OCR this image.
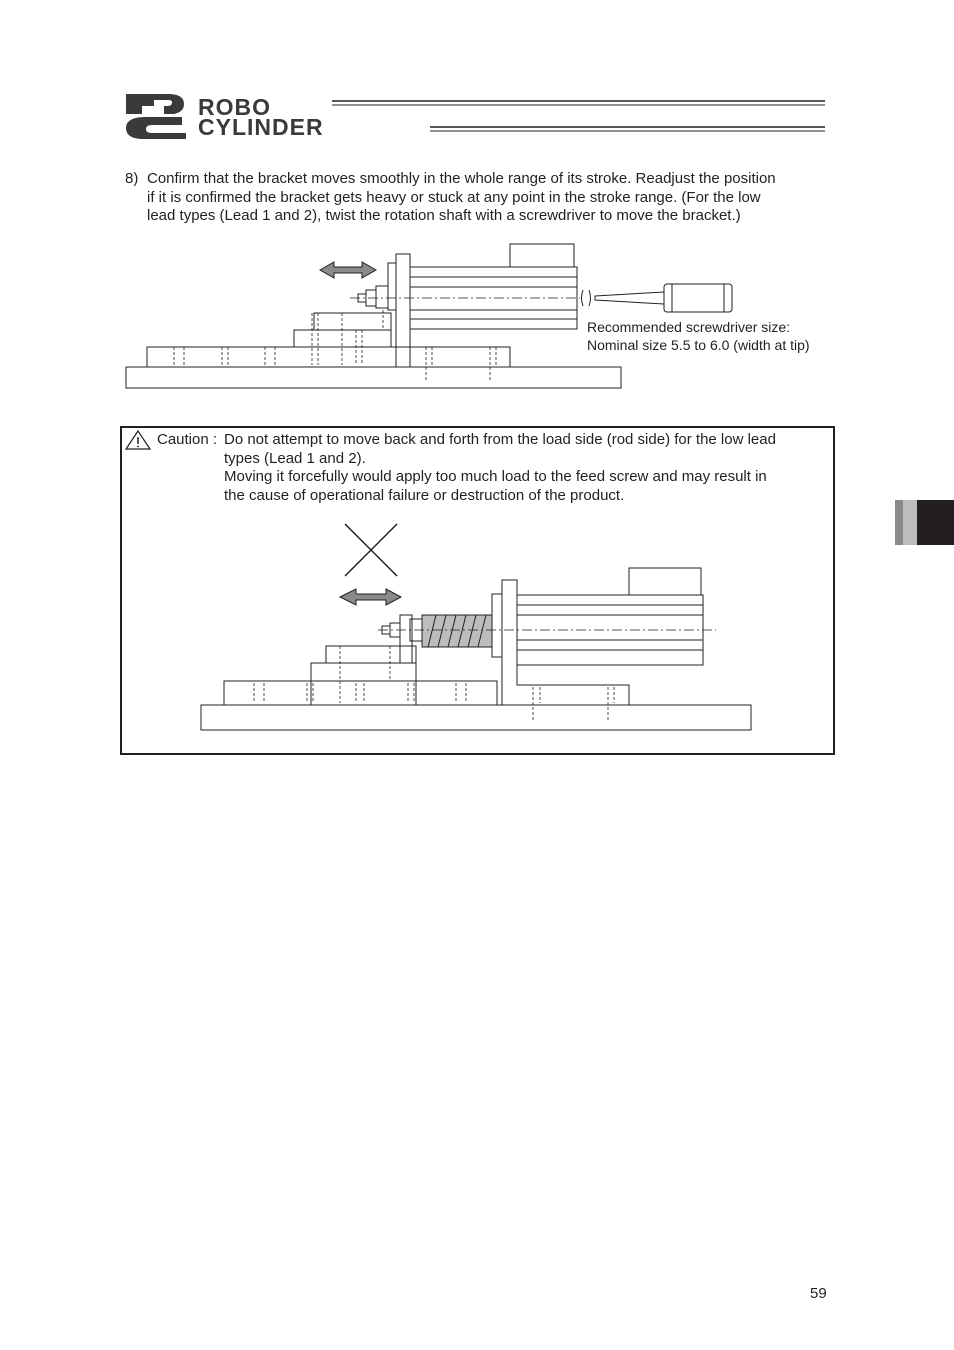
ROBO
CYLINDER
8) Confirm that the bracket moves smoothly in the whole range of its stroke. Readjust the position
if it is confirmed the bracket gets heavy or stuck at any point in the stroke range. (For the low
lead types (Lead 1 and 2), twist the rotation shaft with a screwdriver to move the bracket.)
Recommended screwdriver size:
Nominal size 5.5 to 6.0 (width at tip)
Caution : Do not attempt to move back and forth from the load side (rod side) for the low lead
types (Lead 1 and 2).
Moving it forcefully would apply too much load to the feed screw and may result in
the cause of operational failure or destruction of the product.
59
